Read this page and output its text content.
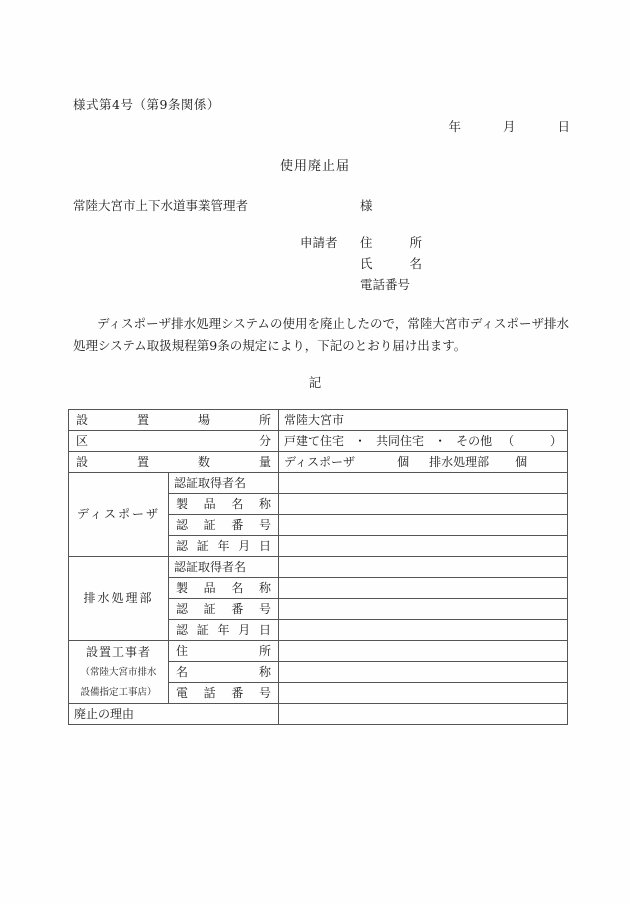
様式第4号（第9条関係）
年	月	日
使用廃止届
常陸大宮市上下水道事業管理者	様
申請者 住所
氏名
電話番号
ディスポーザ排水処理システムの使用を廃止したので，常陸大宮市ディスポーザ排水処理システム取扱規程第9条の規定により，下記のとおり届け出ます。
記
設置場所		常陸大宮市

区分		戸建て住宅 ・ 共同住宅 ・ その他 （ ）

設置数量		ディスポーザ 個 排水処理部 個

ディスポーザ	認証取得者名	

	製品名称	

	認証番号	

	認証年月日	

排水処理部	認証取得者名	

	製品名称	

	認証番号	

	認証年月日	

設置工事者
（常陸大宮市排水
設備指定工事店）	住所	

	名称	

	電話番号	

廃止の理由		
